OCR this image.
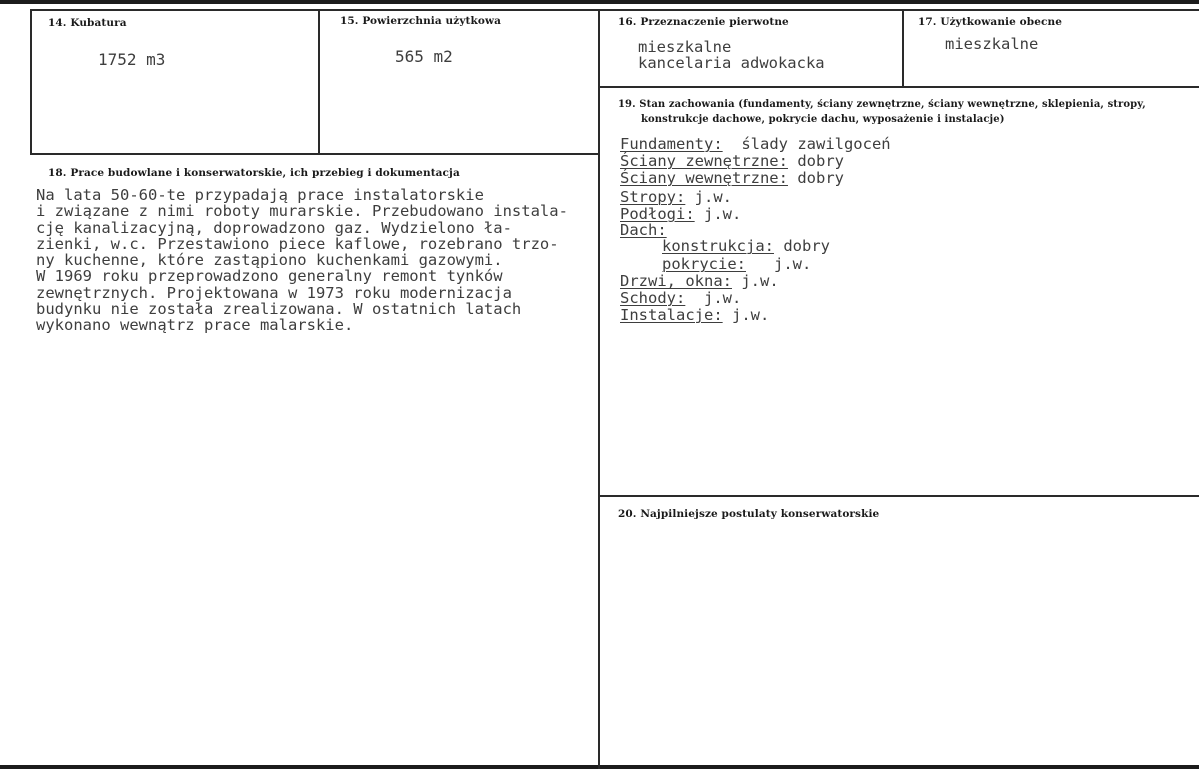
14. Kubatura
1752 m3
15. Powierzchnia użytkowa
565 m2
16. Przeznaczenie pierwotne
mieszkalne
kancelaria adwokacka
17. Użytkowanie obecne
mieszkalne
18. Prace budowlane i konserwatorskie, ich przebieg i dokumentacja
Na lata 50-60-te przypadają prace instalatorskie
i związane z nimi roboty murarskie. Przebudowano instala-
cję kanalizacyjną, doprowadzono gaz. Wydzielono ła-
zienki, w.c. Przestawiono piece kaflowe, rozebrano trzo-
ny kuchenne, które zastąpiono kuchenkami gazowymi.
W 1969 roku przeprowadzono generalny remont tynków
zewnętrznych. Projektowana w 1973 roku modernizacja
budynku nie została zrealizowana. W ostatnich latach
wykonano wewnątrz prace malarskie.
19. Stan zachowania (fundamenty, ściany zewnętrzne, ściany wewnętrzne, sklepienia, stropy,
konstrukcje dachowe, pokrycie dachu, wyposażenie i instalacje)
Fundamenty: ślady zawilgoceń
Ściany zewnętrzne: dobry
Ściany wewnętrzne: dobry
Stropy: j.w.
Podłogi: j.w.
Dach:
konstrukcja: dobry
pokrycie: j.w.
Drzwi, okna: j.w.
Schody: j.w.
Instalacje: j.w.
20. Najpilniejsze postulaty konserwatorskie
